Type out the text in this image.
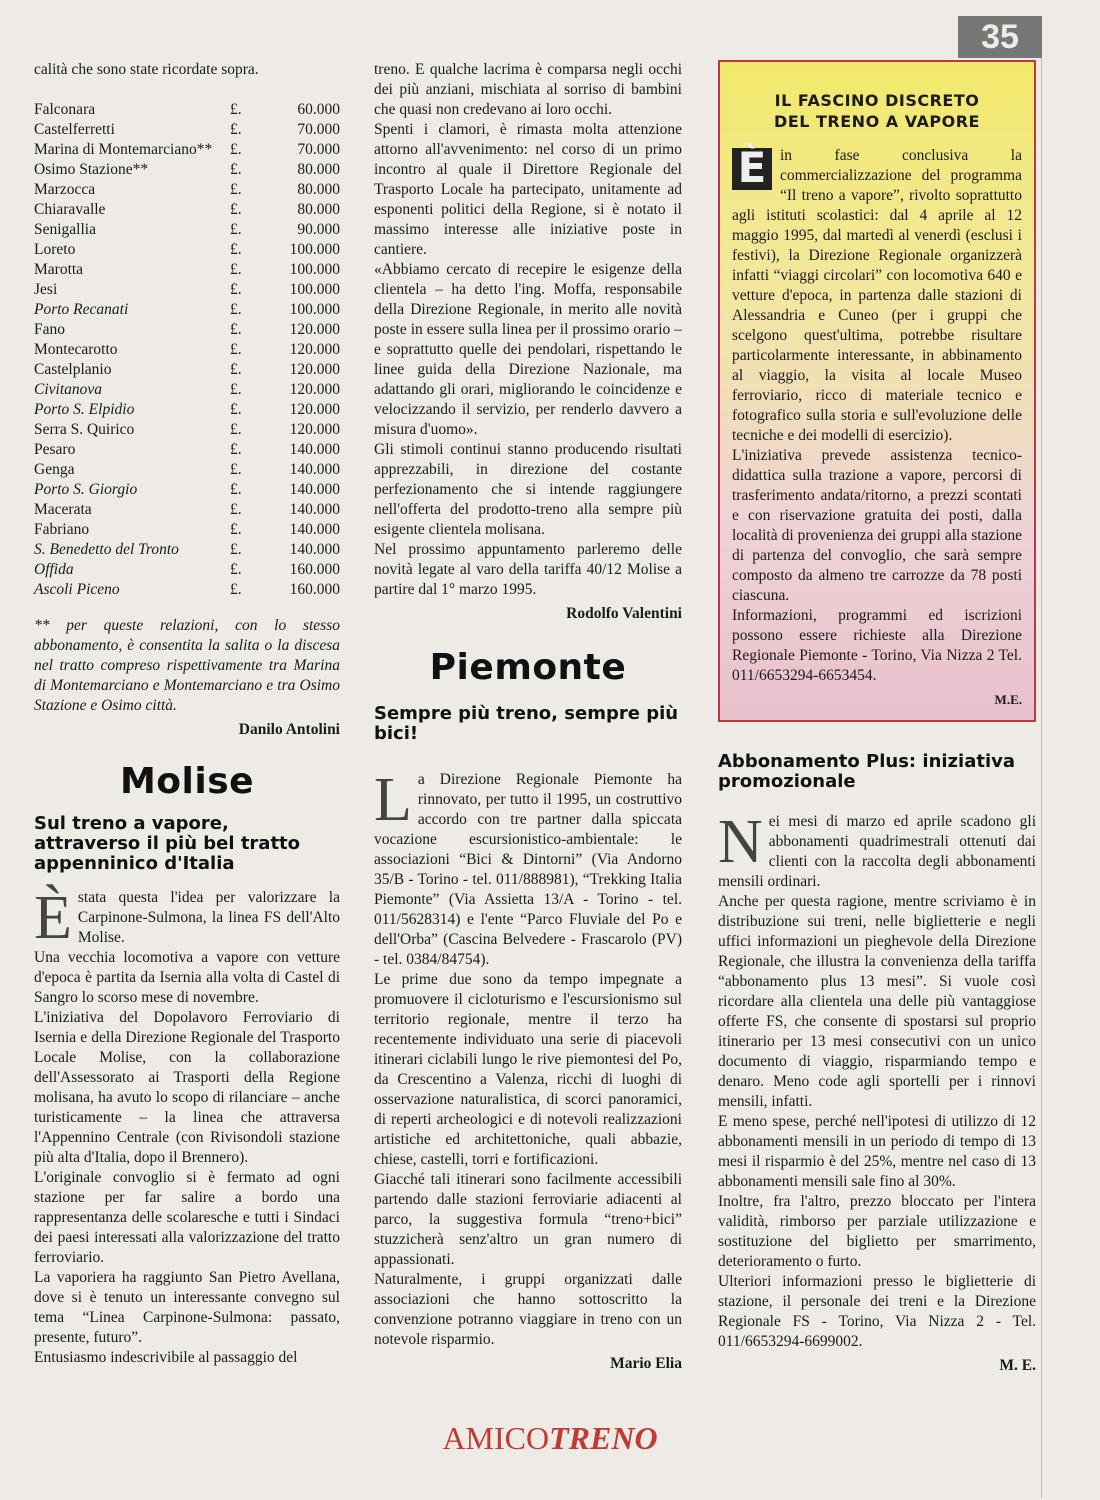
35

calità che sono state ricordate sopra.

Falconara	£.	60.000
Castelferretti	£.	70.000
Marina di Montemarciano**	£.	70.000
Osimo Stazione**	£.	80.000
Marzocca	£.	80.000
Chiaravalle	£.	80.000
Senigallia	£.	90.000
Loreto	£.	100.000
Marotta	£.	100.000
Jesi	£.	100.000
Porto Recanati	£.	100.000
Fano	£.	120.000
Montecarotto	£.	120.000
Castelplanio	£.	120.000
Civitanova	£.	120.000
Porto S. Elpidio	£.	120.000
Serra S. Quirico	£.	120.000
Pesaro	£.	140.000
Genga	£.	140.000
Porto S. Giorgio	£.	140.000
Macerata	£.	140.000
Fabriano	£.	140.000
S. Benedetto del Tronto	£.	140.000
Offida	£.	160.000
Ascoli Piceno	£.	160.000

** per queste relazioni, con lo stesso abbonamento, è consentita la salita o la discesa nel tratto compreso rispettivamente tra Marina di Montemarciano e Montemarciano e tra Osimo Stazione e Osimo città.

Danilo Antolini
Molise
Sul treno a vapore, attraverso il più bel tratto appenninico d'Italia

Èstata questa l'idea per valorizzare la Carpinone-Sulmona, la linea FS dell'Alto Molise.

Una vecchia locomotiva a vapore con vetture d'epoca è partita da Isernia alla volta di Castel di Sangro lo scorso mese di novembre.

L'iniziativa del Dopolavoro Ferroviario di Isernia e della Direzione Regionale del Trasporto Locale Molise, con la collaborazione dell'Assessorato ai Trasporti della Regione molisana, ha avuto lo scopo di rilanciare – anche turisticamente – la linea che attraversa l'Appennino Centrale (con Rivisondoli stazione più alta d'Italia, dopo il Brennero).

L'originale convoglio si è fermato ad ogni stazione per far salire a bordo una rappresentanza delle scolaresche e tutti i Sindaci dei paesi interessati alla valorizzazione del tratto ferroviario.

La vaporiera ha raggiunto San Pietro Avellana, dove si è tenuto un interessante convegno sul tema “Linea Carpinone-Sulmona: passato, presente, futuro”.

Entusiasmo indescrivibile al passaggio del

treno. E qualche lacrima è comparsa negli occhi dei più anziani, mischiata al sorriso di bambini che quasi non credevano ai loro occhi.

Spenti i clamori, è rimasta molta attenzione attorno all'avvenimento: nel corso di un primo incontro al quale il Direttore Regionale del Trasporto Locale ha partecipato, unitamente ad esponenti politici della Regione, si è notato il massimo interesse alle iniziative poste in cantiere.

«Abbiamo cercato di recepire le esigenze della clientela – ha detto l'ing. Moffa, responsabile della Direzione Regionale, in merito alle novità poste in essere sulla linea per il prossimo orario – e soprattutto quelle dei pendolari, rispettando le linee guida della Direzione Nazionale, ma adattando gli orari, migliorando le coincidenze e velocizzando il servizio, per renderlo davvero a misura d'uomo».

Gli stimoli continui stanno producendo risultati apprezzabili, in direzione del costante perfezionamento che si intende raggiungere nell'offerta del prodotto-treno alla sempre più esigente clientela molisana.

Nel prossimo appuntamento parleremo delle novità legate al varo della tariffa 40/12 Molise a partire dal 1° marzo 1995.

Rodolfo Valentini
Piemonte
Sempre più treno, sempre più bici!

La Direzione Regionale Piemonte ha rinnovato, per tutto il 1995, un costruttivo accordo con tre partner dalla spiccata vocazione escursionistico-ambientale: le associazioni “Bici & Dintorni” (Via Andorno 35/B - Torino - tel. 011/888981), “Trekking Italia Piemonte” (Via Assietta 13/A - Torino - tel. 011/5628314) e l'ente “Parco Fluviale del Po e dell'Orba” (Cascina Belvedere - Frascarolo (PV) - tel. 0384/84754).

Le prime due sono da tempo impegnate a promuovere il cicloturismo e l'escursionismo sul territorio regionale, mentre il terzo ha recentemente individuato una serie di piacevoli itinerari ciclabili lungo le rive piemontesi del Po, da Crescentino a Valenza, ricchi di luoghi di osservazione naturalistica, di scorci panoramici, di reperti archeologici e di notevoli realizzazioni artistiche ed architettoniche, quali abbazie, chiese, castelli, torri e fortificazioni.

Giacché tali itinerari sono facilmente accessibili partendo dalle stazioni ferroviarie adiacenti al parco, la suggestiva formula “treno+bici” stuzzicherà senz'altro un gran numero di appassionati.

Naturalmente, i gruppi organizzati dalle associazioni che hanno sottoscritto la convenzione potranno viaggiare in treno con un notevole risparmio.

Mario Elia
IL FASCINO DISCRETO
DEL TRENO A VAPORE

È in fase conclusiva la commercializzazione del programma “Il treno a vapore”, rivolto soprattutto agli istituti scolastici: dal 4 aprile al 12 maggio 1995, dal martedì al venerdì (esclusi i festivi), la Direzione Regionale organizzerà infatti “viaggi circolari” con locomotiva 640 e vetture d'epoca, in partenza dalle stazioni di Alessandria e Cuneo (per i gruppi che scelgono quest'ultima, potrebbe risultare particolarmente interessante, in abbinamento al viaggio, la visita al locale Museo ferroviario, ricco di materiale tecnico e fotografico sulla storia e sull'evoluzione delle tecniche e dei modelli di esercizio).

L'iniziativa prevede assistenza tecnico-didattica sulla trazione a vapore, percorsi di trasferimento andata/ritorno, a prezzi scontati e con riservazione gratuita dei posti, dalla località di provenienza dei gruppi alla stazione di partenza del convoglio, che sarà sempre composto da almeno tre carrozze da 78 posti ciascuna.

Informazioni, programmi ed iscrizioni possono essere richieste alla Direzione Regionale Piemonte - Torino, Via Nizza 2 Tel. 011/6653294-6653454.

M.E.
Abbonamento Plus: iniziativa promozionale

Nei mesi di marzo ed aprile scadono gli abbonamenti quadrimestrali ottenuti dai clienti con la raccolta degli abbonamenti mensili ordinari.

Anche per questa ragione, mentre scriviamo è in distribuzione sui treni, nelle biglietterie e negli uffici informazioni un pieghevole della Direzione Regionale, che illustra la convenienza della tariffa “abbonamento plus 13 mesi”. Si vuole così ricordare alla clientela una delle più vantaggiose offerte FS, che consente di spostarsi sul proprio itinerario per 13 mesi consecutivi con un unico documento di viaggio, risparmiando tempo e denaro. Meno code agli sportelli per i rinnovi mensili, infatti.

E meno spese, perché nell'ipotesi di utilizzo di 12 abbonamenti mensili in un periodo di tempo di 13 mesi il risparmio è del 25%, mentre nel caso di 13 abbonamenti mensili sale fino al 30%.

Inoltre, fra l'altro, prezzo bloccato per l'intera validità, rimborso per parziale utilizzazione e sostituzione del biglietto per smarrimento, deterioramento o furto.

Ulteriori informazioni presso le biglietterie di stazione, il personale dei treni e la Direzione Regionale FS - Torino, Via Nizza 2 - Tel. 011/6653294-6699002.

M. E.
AMICOTRENO
